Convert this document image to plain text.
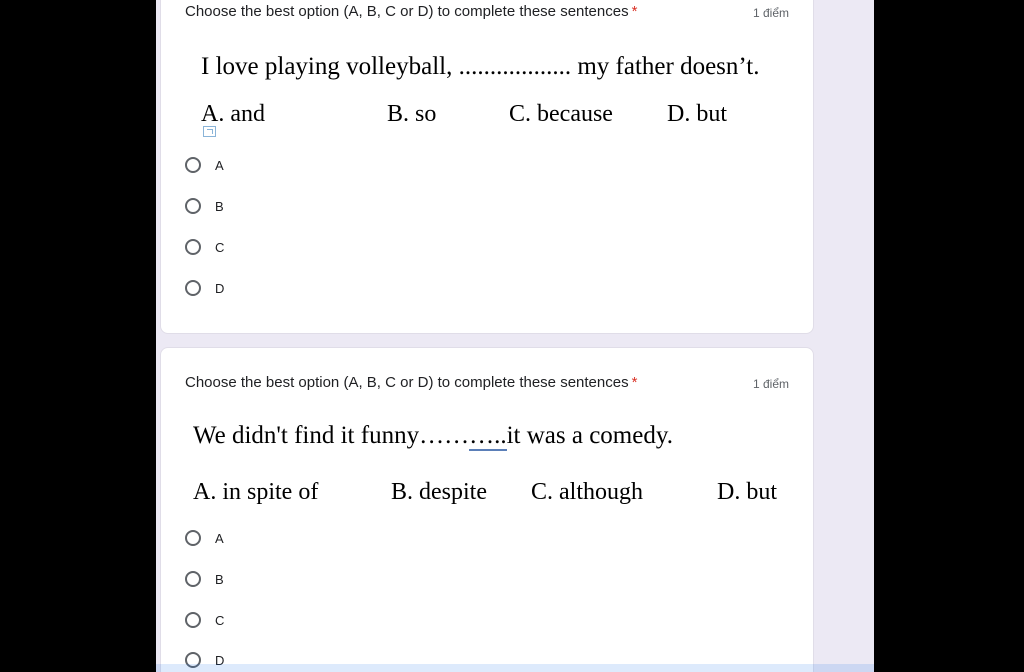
Choose the best option (A, B, C or D) to complete these sentences *	1 điểm
I love playing volleyball, .................. my father doesn’t.
A. and	B. so	C. because D. but
A
B
C
D
Choose the best option (A, B, C or D) to complete these sentences *	1 điểm
We didn't find it funny………..it was a comedy.
A. in spite of	B. despite C. although	D. but
A
B
C
D
